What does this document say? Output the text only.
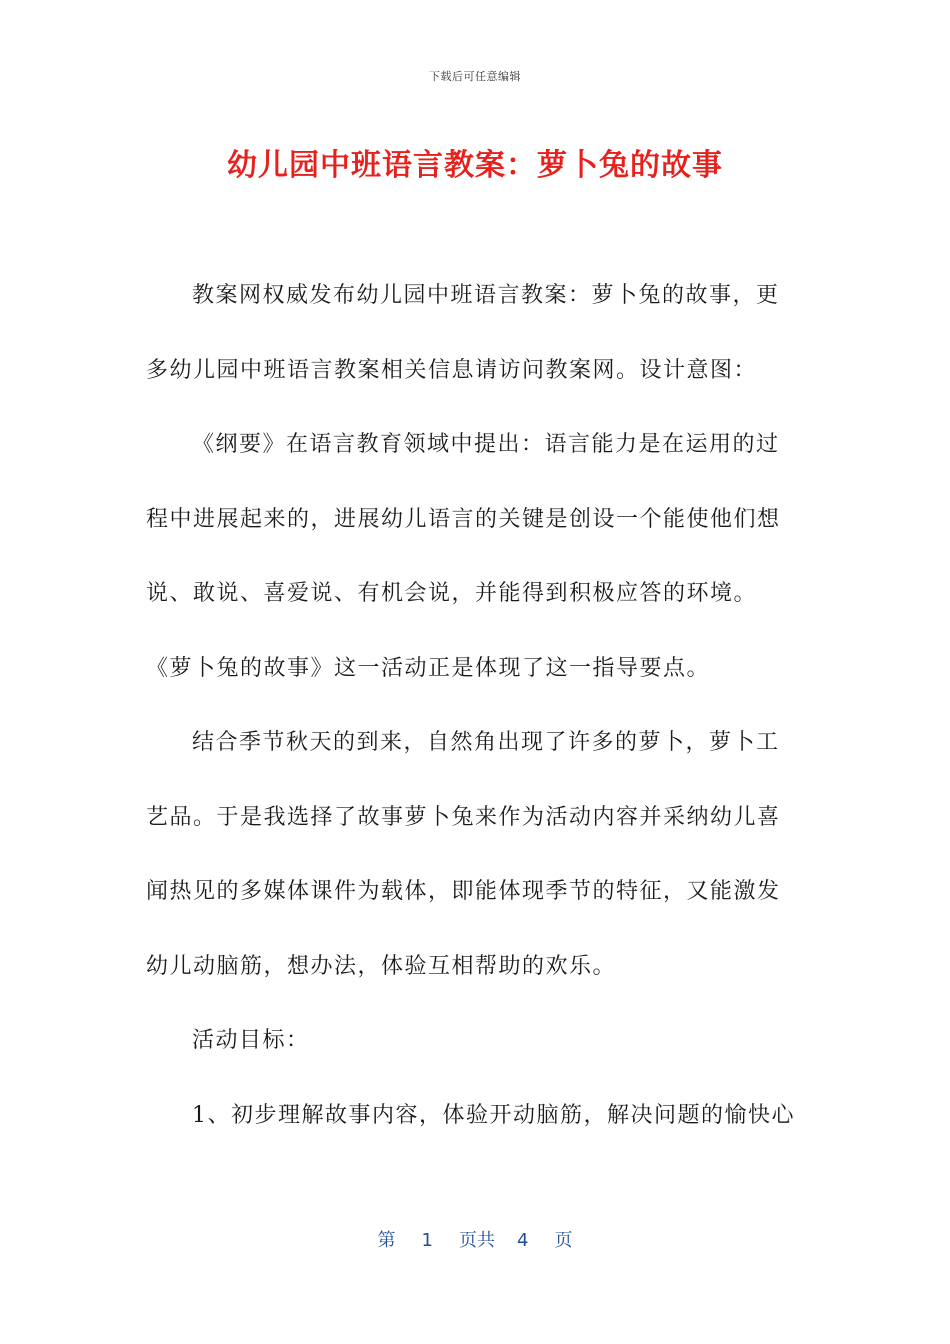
下载后可任意编辑
幼儿园中班语言教案：萝卜兔的故事
教案网权威发布幼儿园中班语言教案：萝卜兔的故事，更
多幼儿园中班语言教案相关信息请访问教案网。设计意图：
《纲要》在语言教育领域中提出：语言能力是在运用的过
程中进展起来的，进展幼儿语言的关键是创设一个能使他们想
说、敢说、喜爱说、有机会说，并能得到积极应答的环境。
《萝卜兔的故事》这一活动正是体现了这一指导要点。
结合季节秋天的到来，自然角出现了许多的萝卜，萝卜工
艺品。于是我选择了故事萝卜兔来作为活动内容并采纳幼儿喜
闻热见的多媒体课件为载体，即能体现季节的特征，又能激发
幼儿动脑筋，想办法，体验互相帮助的欢乐。
活动目标：
1、初步理解故事内容，体验开动脑筋，解决问题的愉快心
第 1 页共 4 页
